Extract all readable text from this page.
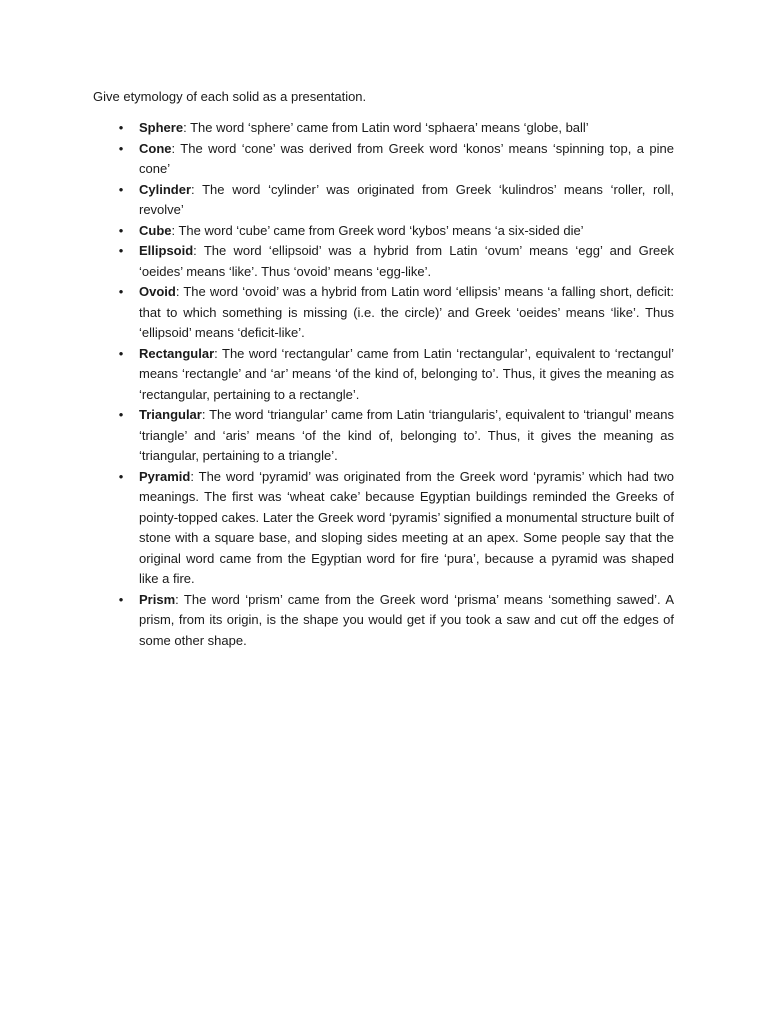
Give etymology of each solid as a presentation.

• Sphere: The word ‘sphere’ came from Latin word ‘sphaera’ means ‘globe, ball’
• Cone: The word ‘cone’ was derived from Greek word ‘konos’ means ‘spinning top, a pine cone’
• Cylinder: The word ‘cylinder’ was originated from Greek ‘kulindros’ means ‘roller, roll, revolve’
• Cube: The word ‘cube’ came from Greek word ‘kybos’ means ‘a six-sided die’
• Ellipsoid: The word ‘ellipsoid’ was a hybrid from Latin ‘ovum’ means ‘egg’ and Greek ‘oeides’ means ‘like’. Thus ‘ovoid’ means ‘egg-like’.
• Ovoid: The word ‘ovoid’ was a hybrid from Latin word ‘ellipsis’ means ‘a falling short, deficit: that to which something is missing (i.e. the circle)’ and Greek ‘oeides’ means ‘like’. Thus ‘ellipsoid’ means ‘deficit-like’.
• Rectangular: The word ‘rectangular’ came from Latin ‘rectangular’, equivalent to ‘rectangul’ means ‘rectangle’ and ‘ar’ means ‘of the kind of, belonging to’. Thus, it gives the meaning as ‘rectangular, pertaining to a rectangle’.
• Triangular: The word ‘triangular’ came from Latin ‘triangularis’, equivalent to ‘triangul’ means ‘triangle’ and ‘aris’ means ‘of the kind of, belonging to’. Thus, it gives the meaning as ‘triangular, pertaining to a triangle’.
• Pyramid: The word ‘pyramid’ was originated from the Greek word ‘pyramis’ which had two meanings. The first was ‘wheat cake’ because Egyptian buildings reminded the Greeks of pointy-topped cakes. Later the Greek word ‘pyramis’ signified a monumental structure built of stone with a square base, and sloping sides meeting at an apex. Some people say that the original word came from the Egyptian word for fire ‘pura’, because a pyramid was shaped like a fire.
• Prism: The word ‘prism’ came from the Greek word ‘prisma’ means ‘something sawed’. A prism, from its origin, is the shape you would get if you took a saw and cut off the edges of some other shape.
